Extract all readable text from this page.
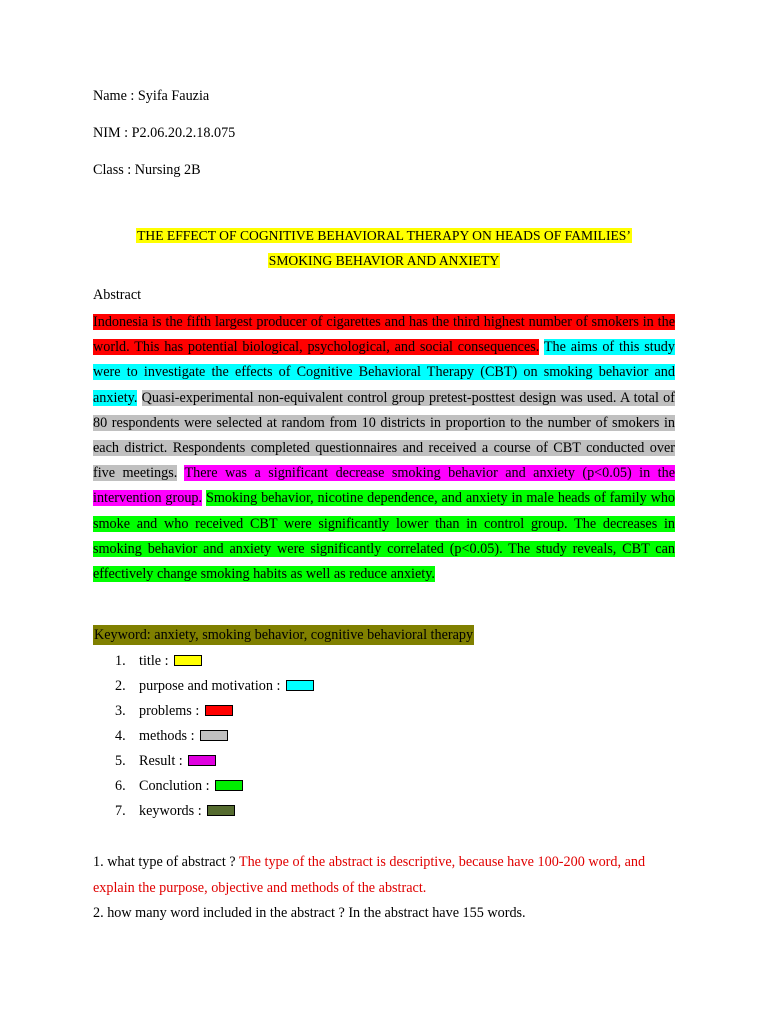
Name : Syifa Fauzia
NIM : P2.06.20.2.18.075
Class : Nursing 2B
THE EFFECT OF COGNITIVE BEHAVIORAL THERAPY ON HEADS OF FAMILIES’
SMOKING BEHAVIOR AND ANXIETY
Abstract
Indonesia is the fifth largest producer of cigarettes and has the third highest number of smokers in the world. This has potential biological, psychological, and social consequences. The aims of this study were to investigate the effects of Cognitive Behavioral Therapy (CBT) on smoking behavior and anxiety. Quasi-experimental non-equivalent control group pretest-posttest design was used. A total of 80 respondents were selected at random from 10 districts in proportion to the number of smokers in each district. Respondents completed questionnaires and received a course of CBT conducted over five meetings. There was a significant decrease smoking behavior and anxiety (p<0.05) in the intervention group. Smoking behavior, nicotine dependence, and anxiety in male heads of family who smoke and who received CBT were significantly lower than in control group. The decreases in smoking behavior and anxiety were significantly correlated (p<0.05). The study reveals, CBT can effectively change smoking habits as well as reduce anxiety.
Keyword: anxiety, smoking behavior, cognitive behavioral therapy
1. title :
2. purpose and motivation :
3. problems :
4. methods :
5. Result :
6. Conclution :
7. keywords :
1. what type of abstract ? The type of the abstract is descriptive, because have 100-200 word, and explain the purpose, objective and methods of the abstract.
2. how many word included in the abstract ? In the abstract have 155 words.
